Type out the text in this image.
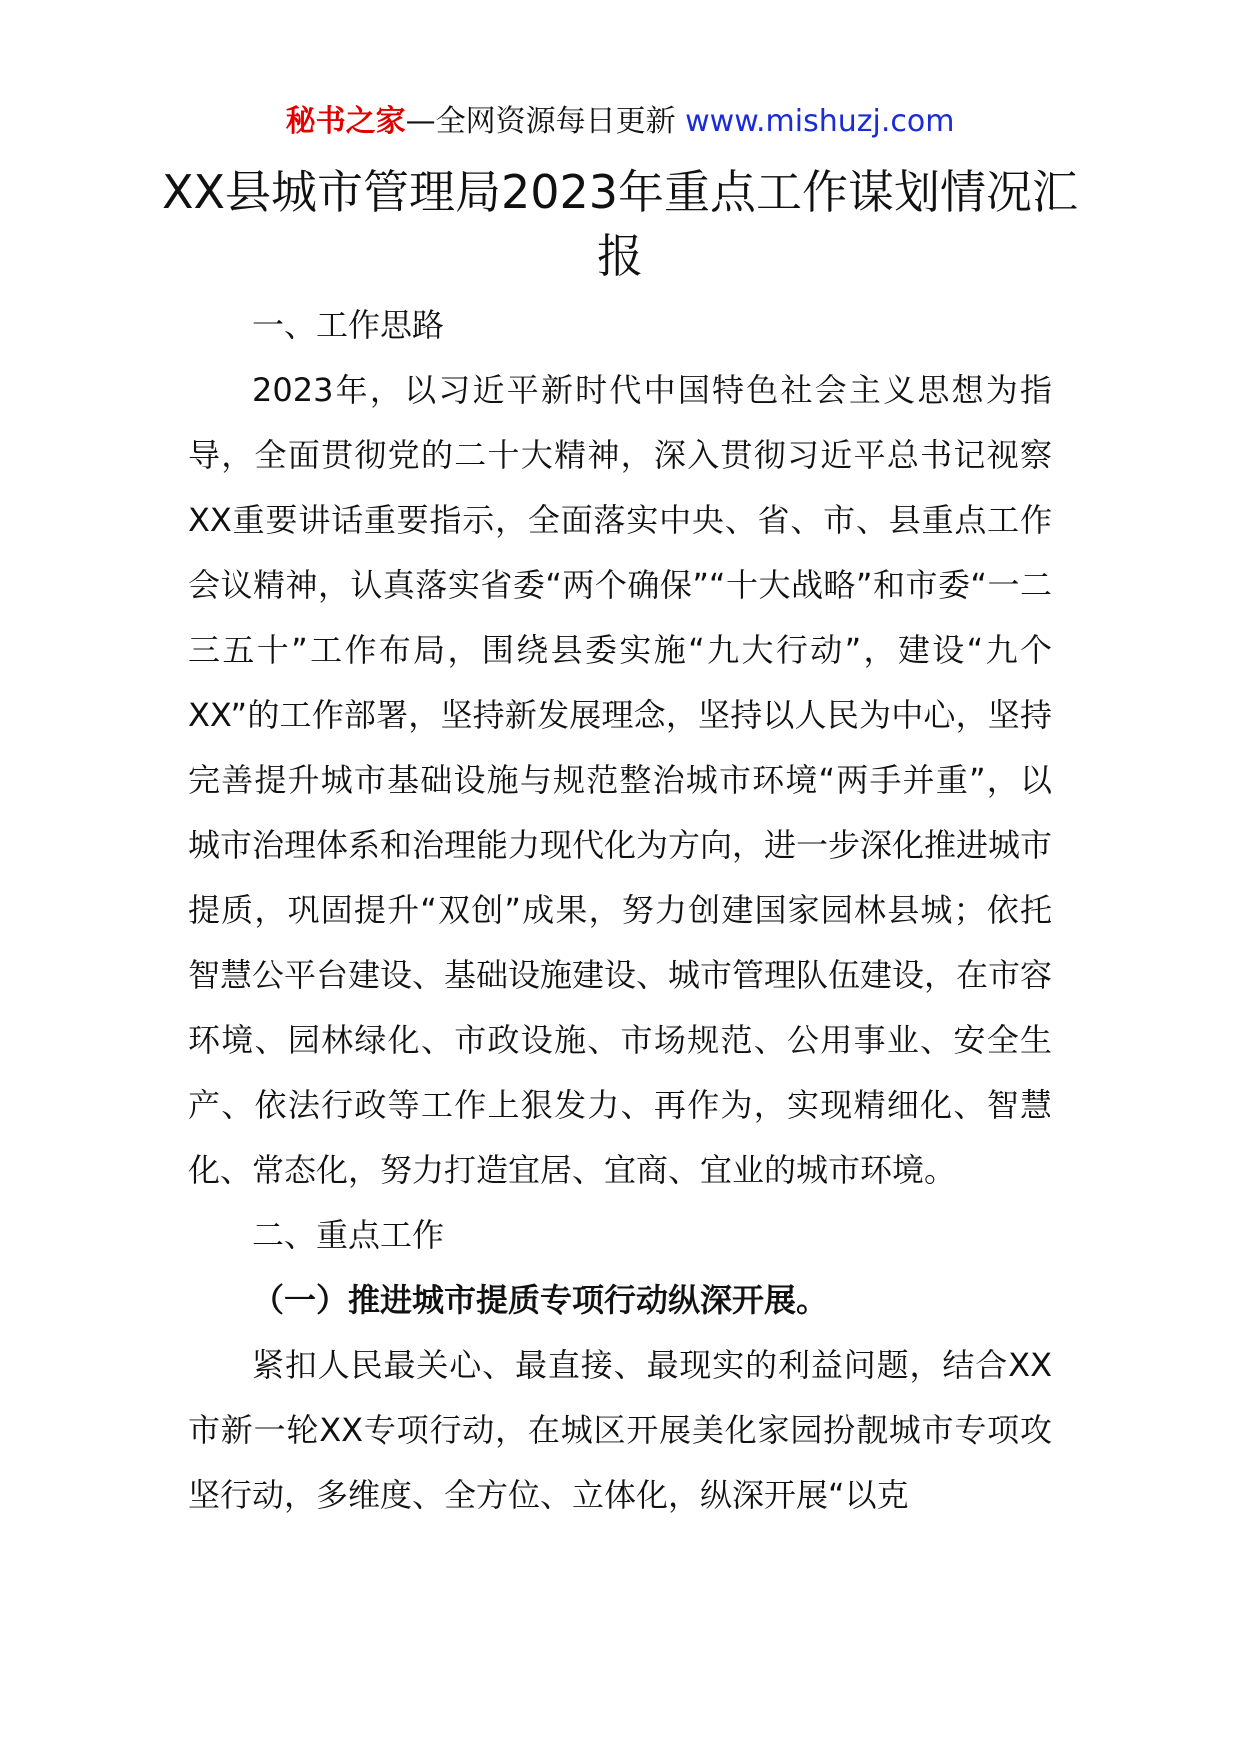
秘书之家—全网资源每日更新 www.mishuzj.com
XX县城市管理局2023年重点工作谋划情况汇报

一、工作思路

2023年，以习近平新时代中国特色社会主义思想为指导，全面贯彻党的二十大精神，深入贯彻习近平总书记视察XX重要讲话重要指示，全面落实中央、省、市、县重点工作会议精神，认真落实省委“两个确保”“十大战略”和市委“一二三五十”工作布局，围绕县委实施“九大行动”，建设“九个XX”的工作部署，坚持新发展理念，坚持以人民为中心，坚持完善提升城市基础设施与规范整治城市环境“两手并重”，以城市治理体系和治理能力现代化为方向，进一步深化推进城市提质，巩固提升“双创”成果，努力创建国家园林县城；依托智慧公平台建设、基础设施建设、城市管理队伍建设，在市容环境、园林绿化、市政设施、市场规范、公用事业、安全生产、依法行政等工作上狠发力、再作为，实现精细化、智慧化、常态化，努力打造宜居、宜商、宜业的城市环境。

二、重点工作

（一）推进城市提质专项行动纵深开展。

紧扣人民最关心、最直接、最现实的利益问题，结合XX市新一轮XX专项行动，在城区开展美化家园扮靓城市专项攻坚行动，多维度、全方位、立体化，纵深开展“以克
